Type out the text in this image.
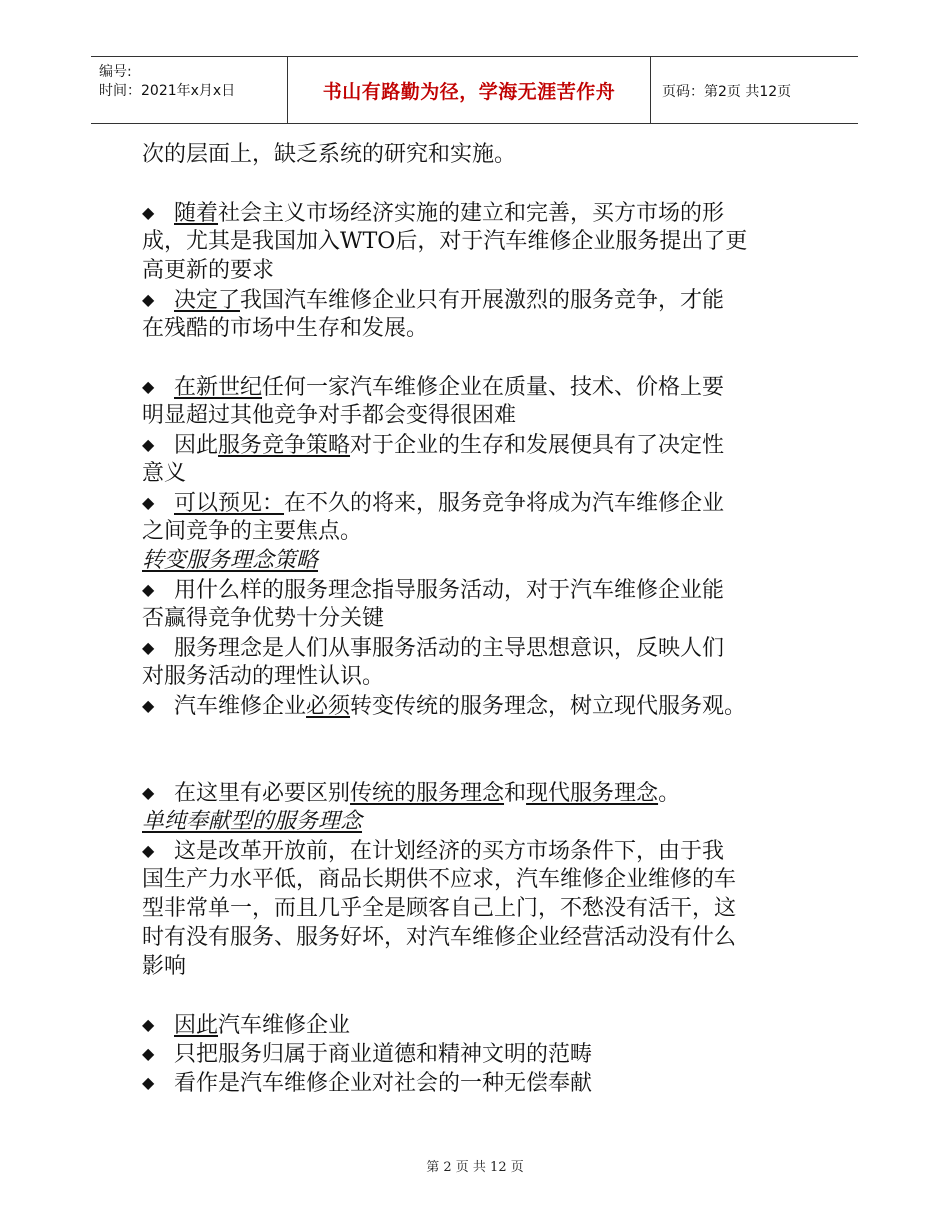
编号:
时间：2021年x月x日	书山有路勤为径，学海无涯苦作舟	页码：第2页 共12页
次的层面上，缺乏系统的研究和实施。
◆ 随着社会主义市场经济实施的建立和完善，买方市场的形
成，尤其是我国加入WTO后，对于汽车维修企业服务提出了更
高更新的要求
◆ 决定了我国汽车维修企业只有开展激烈的服务竞争，才能
在残酷的市场中生存和发展。
◆ 在新世纪任何一家汽车维修企业在质量、技术、价格上要
明显超过其他竞争对手都会变得很困难
◆ 因此服务竞争策略对于企业的生存和发展便具有了决定性
意义
◆ 可以预见：在不久的将来，服务竞争将成为汽车维修企业
之间竞争的主要焦点。
转变服务理念策略
◆ 用什么样的服务理念指导服务活动，对于汽车维修企业能
否赢得竞争优势十分关键
◆ 服务理念是人们从事服务活动的主导思想意识，反映人们
对服务活动的理性认识。
◆ 汽车维修企业必须转变传统的服务理念，树立现代服务观。
◆ 在这里有必要区别传统的服务理念和现代服务理念。
单纯奉献型的服务理念
◆ 这是改革开放前，在计划经济的买方市场条件下，由于我
国生产力水平低，商品长期供不应求，汽车维修企业维修的车
型非常单一，而且几乎全是顾客自己上门，不愁没有活干，这
时有没有服务、服务好坏，对汽车维修企业经营活动没有什么
影响
◆ 因此汽车维修企业
◆ 只把服务归属于商业道德和精神文明的范畴
◆ 看作是汽车维修企业对社会的一种无偿奉献
第 2 页 共 12 页
